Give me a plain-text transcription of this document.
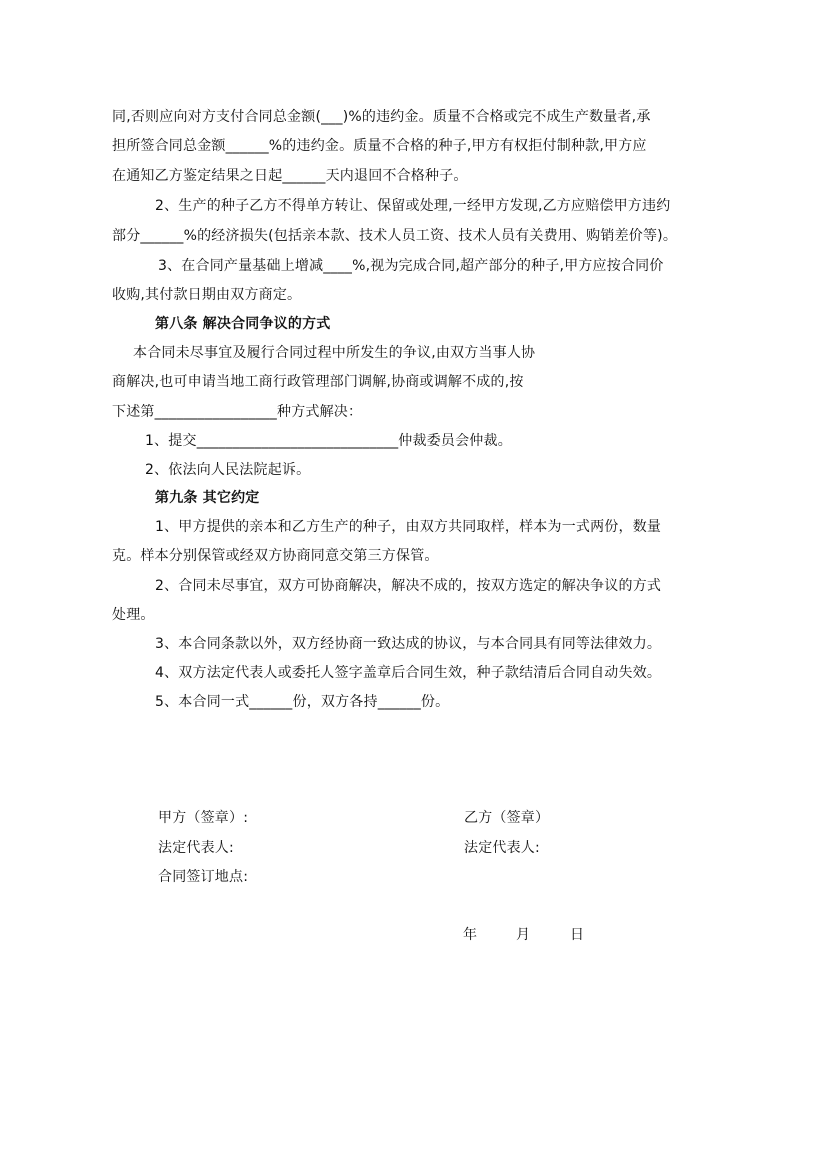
同,否则应向对方支付合同总金额(___)%的违约金。质量不合格或完不成生产数量者,承
担所签合同总金额______%的违约金。质量不合格的种子,甲方有权拒付制种款,甲方应
在通知乙方鉴定结果之日起______天内退回不合格种子。
2、生产的种子乙方不得单方转让、保留或处理,一经甲方发现,乙方应赔偿甲方违约
部分______%的经济损失(包括亲本款、技术人员工资、技术人员有关费用、购销差价等)。
3、在合同产量基础上增减____%,视为完成合同,超产部分的种子,甲方应按合同价
收购,其付款日期由双方商定。
第八条 解决合同争议的方式
本合同未尽事宜及履行合同过程中所发生的争议,由双方当事人协
商解决,也可申请当地工商行政管理部门调解,协商或调解不成的,按
下述第_________________种方式解决：
1、提交____________________________仲裁委员会仲裁。
2、依法向人民法院起诉。
第九条 其它约定
1、甲方提供的亲本和乙方生产的种子，由双方共同取样，样本为一式两份，数量
克。样本分别保管或经双方协商同意交第三方保管。
2、合同未尽事宜，双方可协商解决，解决不成的，按双方选定的解决争议的方式
处理。
3、本合同条款以外，双方经协商一致达成的协议，与本合同具有同等法律效力。
4、双方法定代表人或委托人签字盖章后合同生效，种子款结清后合同自动失效。
5、本合同一式______份，双方各持______份。
甲方（签章）:	乙方（签章）
法定代表人:	法定代表人:
合同签订地点:
年	月	日
